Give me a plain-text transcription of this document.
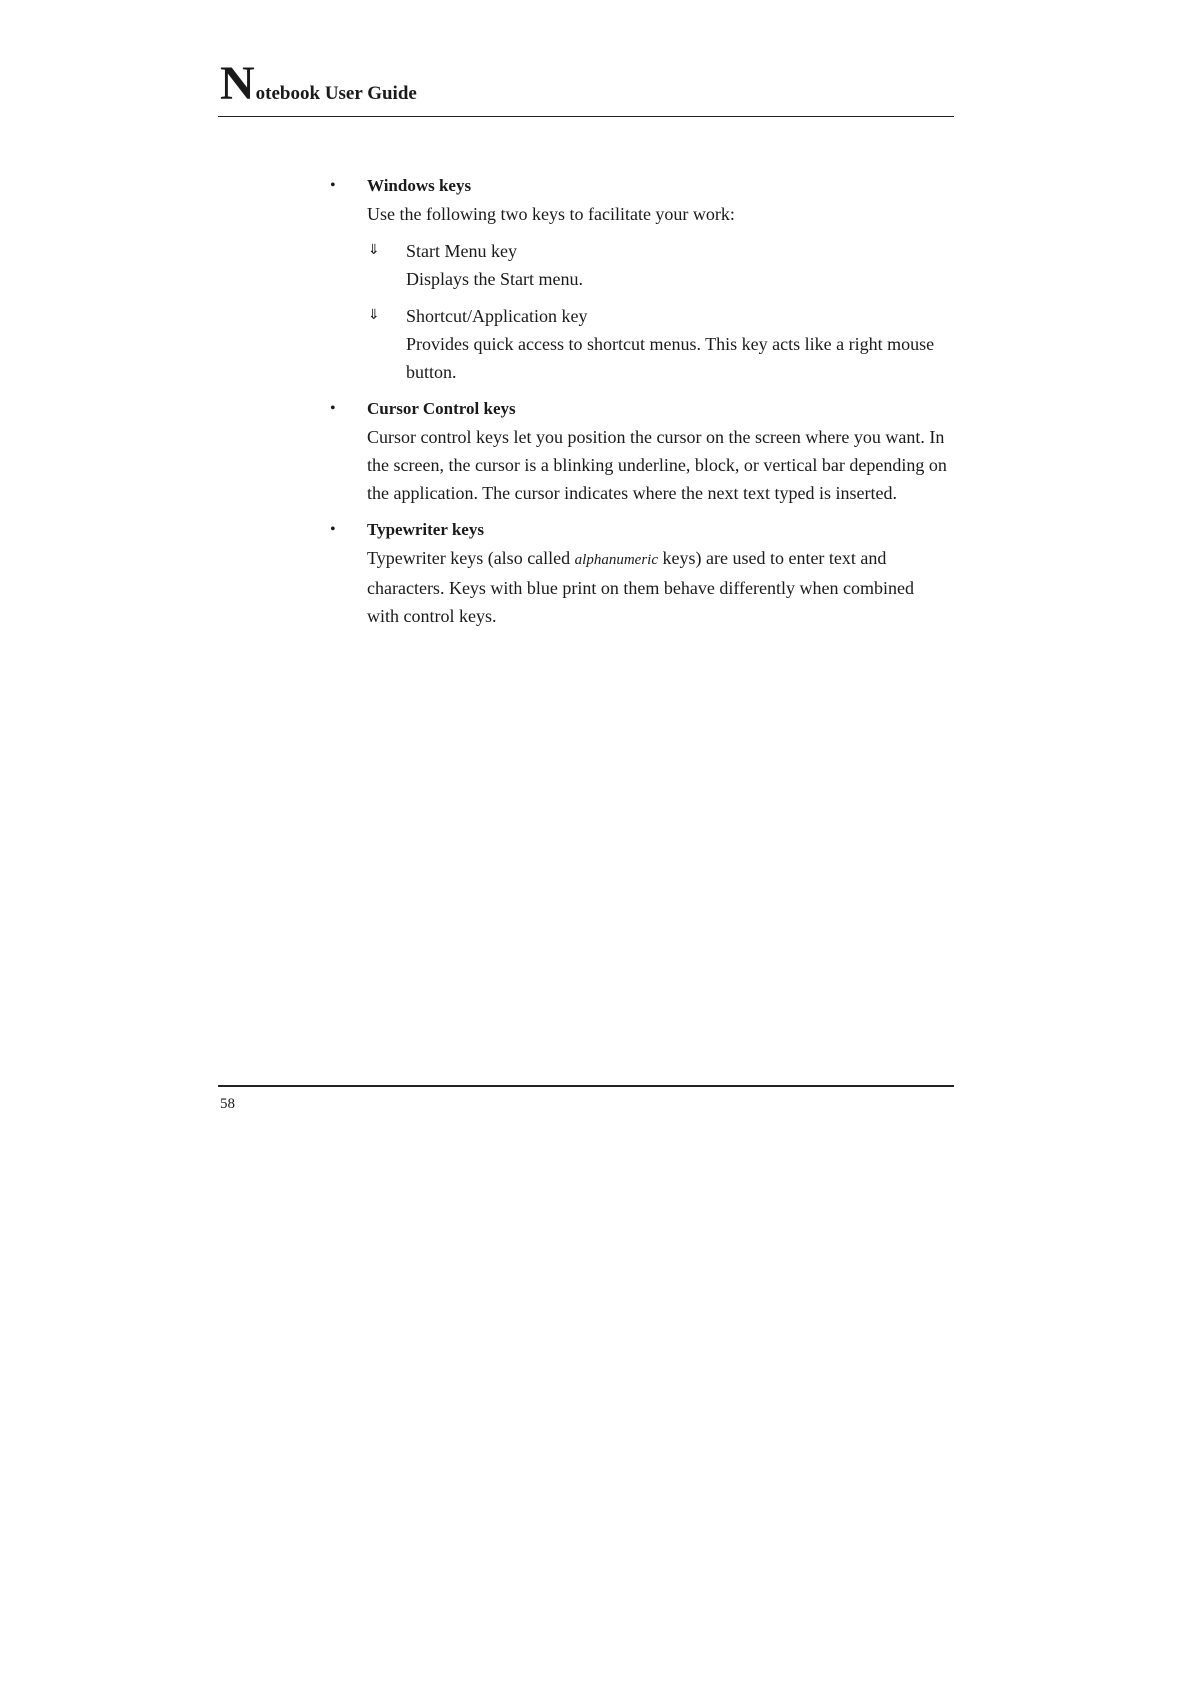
Notebook User Guide
• Windows keys

Use the following two keys to facilitate your work:

⇓ Start Menu key
Displays the Start menu.
⇓ Shortcut/Application key
Provides quick access to shortcut menus. This key acts like a right mouse button.
• Cursor Control keys

Cursor control keys let you position the cursor on the screen where you want. In the screen, the cursor is a blinking underline, block, or vertical bar depending on the application. The cursor indicates where the next text typed is inserted.

• Typewriter keys

Typewriter keys (also called alphanumeric keys) are used to enter text and characters. Keys with blue print on them behave differently when combined with control keys.

58
